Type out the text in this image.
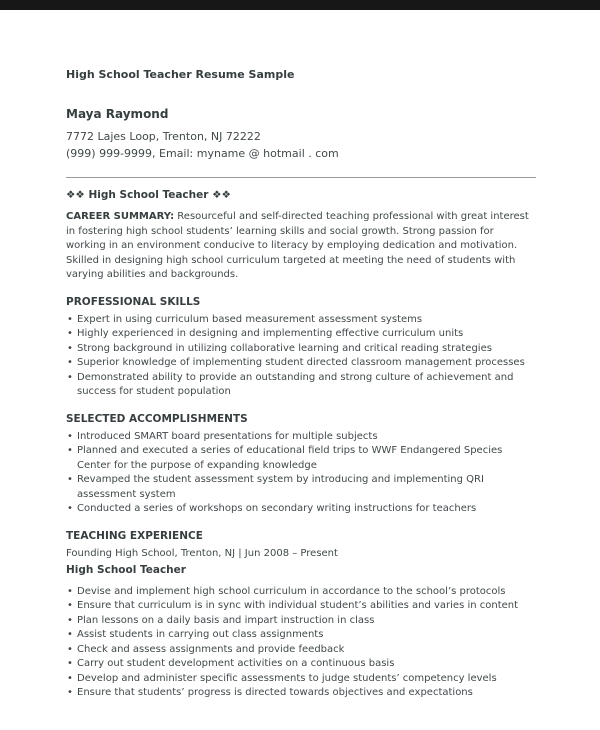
High School Teacher Resume Sample
Maya Raymond
7772 Lajes Loop, Trenton, NJ 72222
(999) 999-9999, Email: myname @ hotmail . com
❖❖ High School Teacher ❖❖

CAREER SUMMARY: Resourceful and self-directed teaching professional with great interest in fostering high school students’ learning skills and social growth. Strong passion for working in an environment conducive to literacy by employing dedication and motivation. Skilled in designing high school curriculum targeted at meeting the need of students with varying abilities and backgrounds.

PROFESSIONAL SKILLS
• Expert in using curriculum based measurement assessment systems
• Highly experienced in designing and implementing effective curriculum units
• Strong background in utilizing collaborative learning and critical reading strategies
• Superior knowledge of implementing student directed classroom management processes
• Demonstrated ability to provide an outstanding and strong culture of achievement and success for student population
SELECTED ACCOMPLISHMENTS
• Introduced SMART board presentations for multiple subjects
• Planned and executed a series of educational field trips to WWF Endangered Species Center for the purpose of expanding knowledge
• Revamped the student assessment system by introducing and implementing QRI assessment system
• Conducted a series of workshops on secondary writing instructions for teachers
TEACHING EXPERIENCE
Founding High School, Trenton, NJ | Jun 2008 – Present
High School Teacher
• Devise and implement high school curriculum in accordance to the school’s protocols
• Ensure that curriculum is in sync with individual student’s abilities and varies in content
• Plan lessons on a daily basis and impart instruction in class
• Assist students in carrying out class assignments
• Check and assess assignments and provide feedback
• Carry out student development activities on a continuous basis
• Develop and administer specific assessments to judge students’ competency levels
• Ensure that students’ progress is directed towards objectives and expectations
